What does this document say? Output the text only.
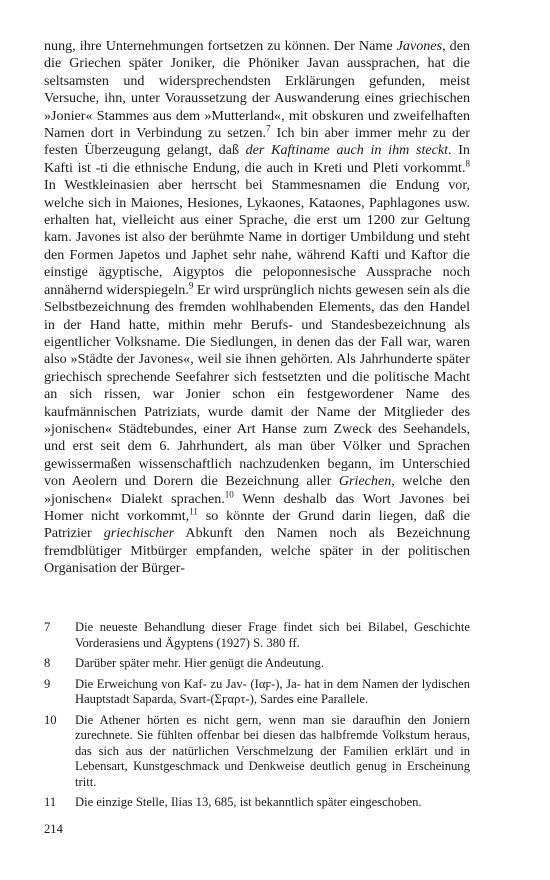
nung, ihre Unternehmungen fortsetzen zu können. Der Name Javones, den die Griechen später Joniker, die Phöniker Javan aussprachen, hat die seltsamsten und widersprechendsten Erklärungen gefunden, meist Versuche, ihn, unter Voraussetzung der Auswanderung eines griechischen »Jonier« Stammes aus dem »Mutterland«, mit obskuren und zweifelhaften Namen dort in Verbindung zu setzen.$^7$ Ich bin aber immer mehr zu der festen Überzeugung gelangt, daß der Kaftiname auch in ihm steckt. In Kafti ist -ti die ethnische Endung, die auch in Kreti und Pleti vorkommt.$^8$ In Westkleinasien aber herrscht bei Stammesnamen die Endung vor, welche sich in Maiones, Hesiones, Lykaones, Kataones, Paphlagones usw. erhalten hat, vielleicht aus einer Sprache, die erst um 1200 zur Geltung kam. Javones ist also der berühmte Name in dortiger Umbildung und steht den Formen Japetos und Japhet sehr nahe, während Kafti und Kaftor die einstige ägyptische, Aigyptos die peloponnesische Aussprache noch annähernd widerspiegeln.$^9$ Er wird ursprünglich nichts gewesen sein als die Selbstbezeichnung des fremden wohlhabenden Elements, das den Handel in der Hand hatte, mithin mehr Berufs- und Standesbezeichnung als eigentlicher Volksname. Die Siedlungen, in denen das der Fall war, waren also »Städte der Javones«, weil sie ihnen gehörten. Als Jahrhunderte später griechisch sprechende Seefahrer sich festsetzten und die politische Macht an sich rissen, war Jonier schon ein festgewordener Name des kaufmännischen Patriziats, wurde damit der Name der Mitglieder des »jonischen« Städtebundes, einer Art Hanse zum Zweck des Seehandels, und erst seit dem 6. Jahrhundert, als man über Völker und Sprachen gewissermaßen wissenschaftlich nachzudenken begann, im Unterschied von Aeolern und Dorern die Bezeichnung aller Griechen, welche den »jonischen« Dialekt sprachen.$^{10}$ Wenn deshalb das Wort Javones bei Homer nicht vorkommt,$^{11}$ so könnte der Grund darin liegen, daß die Patrizier griechischer Abkunft den Namen noch als Bezeichnung fremdblütiger Mitbürger empfanden, welche später in der politischen Organisation der Bürger-

7	Die neueste Behandlung dieser Frage findet sich bei Bilabel, Geschichte Vorderasiens und Ägyptens (1927) S. 380 ff.
8	Darüber später mehr. Hier genügt die Andeutung.
9	Die Erweichung von Kaf- zu Jav- (Ιαϝ-), Ja- hat in dem Namen der lydischen Hauptstadt Saparda, Svart-(Σϝαρτ-), Sardes eine Parallele.
10	Die Athener hörten es nicht gern, wenn man sie daraufhin den Joniern zurechnete. Sie fühlten offenbar bei diesen das halbfremde Volkstum heraus, das sich aus der natürlichen Verschmelzung der Familien erklärt und in Lebensart, Kunstgeschmack und Denkweise deutlich genug in Erscheinung tritt.
11	Die einzige Stelle, Ilias 13, 685, ist bekanntlich später eingeschoben.
214
